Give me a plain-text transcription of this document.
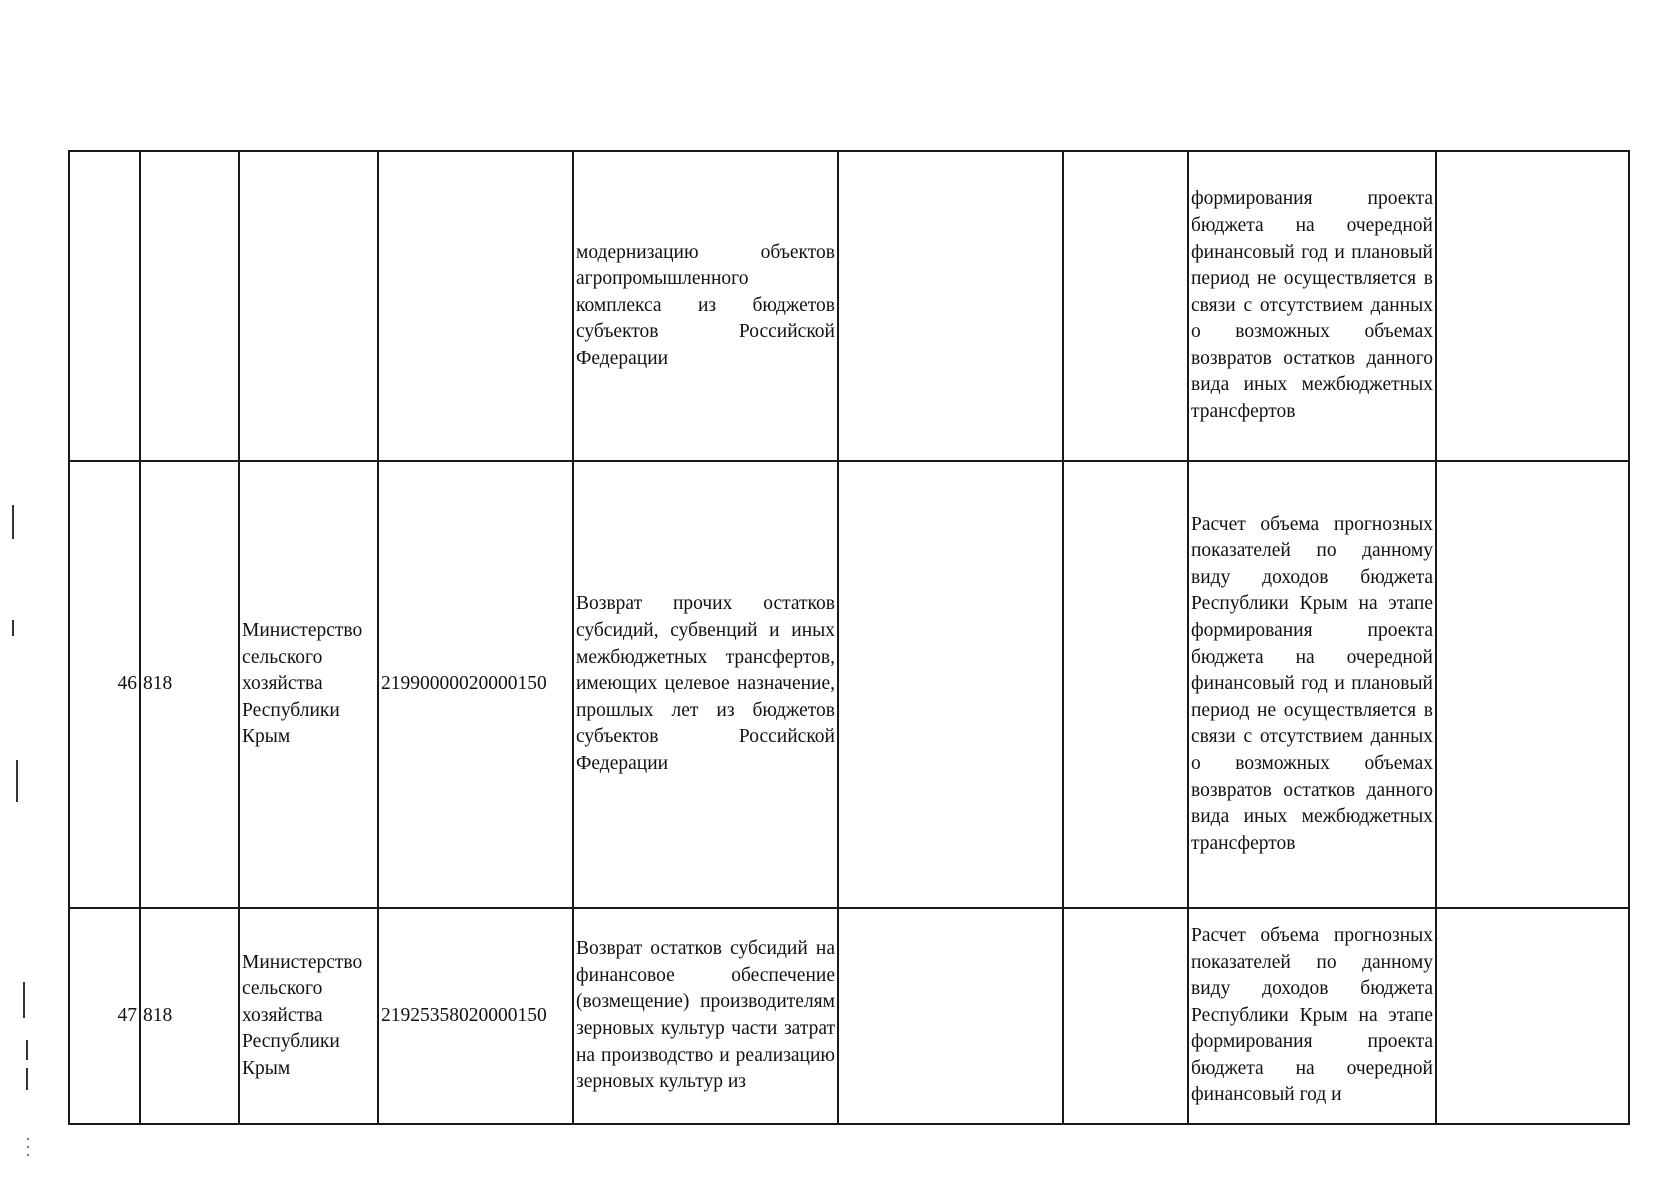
				модернизацию объектов агропромышленного комплекса из бюджетов субъектов Российской Федерации			формирования проекта бюджета на очередной финансовый год и плановый период не осуществляется в связи с отсутствием данных о возможных объемах возвратов остатков данного вида иных межбюджетных трансфертов	
46	818	Министерство сельского хозяйства Республики Крым	21990000020000150	Возврат прочих остатков субсидий, субвенций и иных межбюджетных трансфертов, имеющих целевое назначение, прошлых лет из бюджетов субъектов Российской Федерации			Расчет объема прогнозных показателей по данному виду доходов бюджета Республики Крым на этапе формирования проекта бюджета на очередной финансовый год и плановый период не осуществляется в связи с отсутствием данных о возможных объемах возвратов остатков данного вида иных межбюджетных трансфертов	
47	818	Министерство сельского хозяйства Республики Крым	21925358020000150	Возврат остатков субсидий на финансовое обеспечение (возмещение) производителям зерновых культур части затрат на производство и реализацию зерновых культур из			Расчет объема прогнозных показателей по данному виду доходов бюджета Республики Крым на этапе формирования проекта бюджета на очередной финансовый год и	
